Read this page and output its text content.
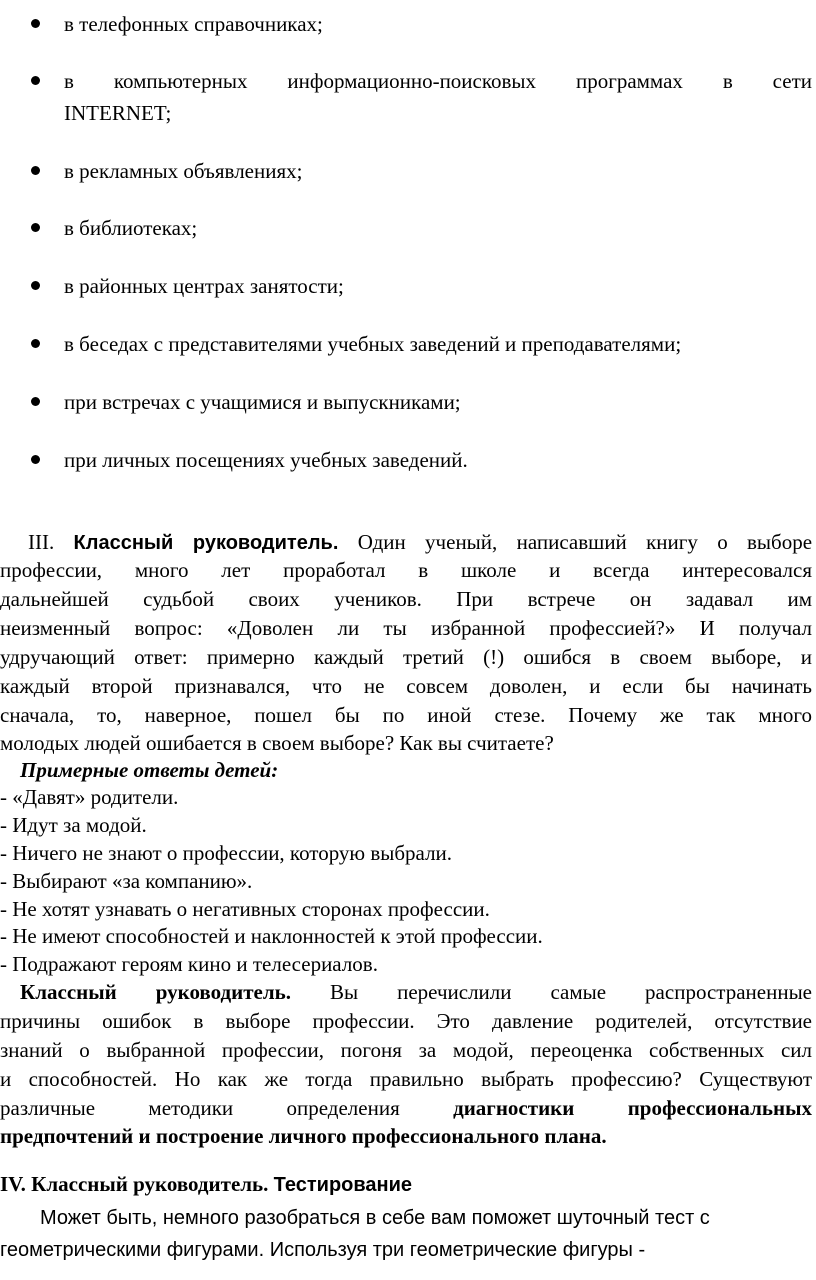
в телефонных справочниках;
в компьютерных информационно-поисковых программах в сети
INTERNET;
в рекламных объявлениях;
в библиотеках;
в районных центрах занятости;
в беседах с представителями учебных заведений и преподавателями;
при встречах с учащимися и выпускниками;
при личных посещениях учебных заведений.
III. Классный руководитель. Один ученый, написавший книгу о выборе
профессии, много лет проработал в школе и всегда интересовался
дальнейшей судьбой своих учеников. При встрече он задавал им
неизменный вопрос: «Доволен ли ты избранной профессией?» И получал
удручающий ответ: примерно каждый третий (!) ошибся в своем выборе, и
каждый второй признавался, что не совсем доволен, и если бы начинать
сначала, то, наверное, пошел бы по иной стезе. Почему же так много
молодых людей ошибается в своем выборе? Как вы считаете?
Примерные ответы детей:
- «Давят» родители.
- Идут за модой.
- Ничего не знают о профессии, которую выбрали.
- Выбирают «за компанию».
- Не хотят узнавать о негативных сторонах профессии.
- Не имеют способностей и наклонностей к этой профессии.
- Подражают героям кино и телесериалов.
Классный руководитель. Вы перечислили самые распространенные
причины ошибок в выборе профессии. Это давление родителей, отсутствие
знаний о выбранной профессии, погоня за модой, переоценка собственных сил
и способностей. Но как же тогда правильно выбрать профессию? Существуют
различные методики определения	диагностики профессиональных
предпочтений и построение личного профессионального плана.
IV. Классный руководитель. Тестирование
Может быть, немного разобраться в себе вам поможет шуточный тест с
геометрическими фигурами. Используя три геометрические фигуры -
